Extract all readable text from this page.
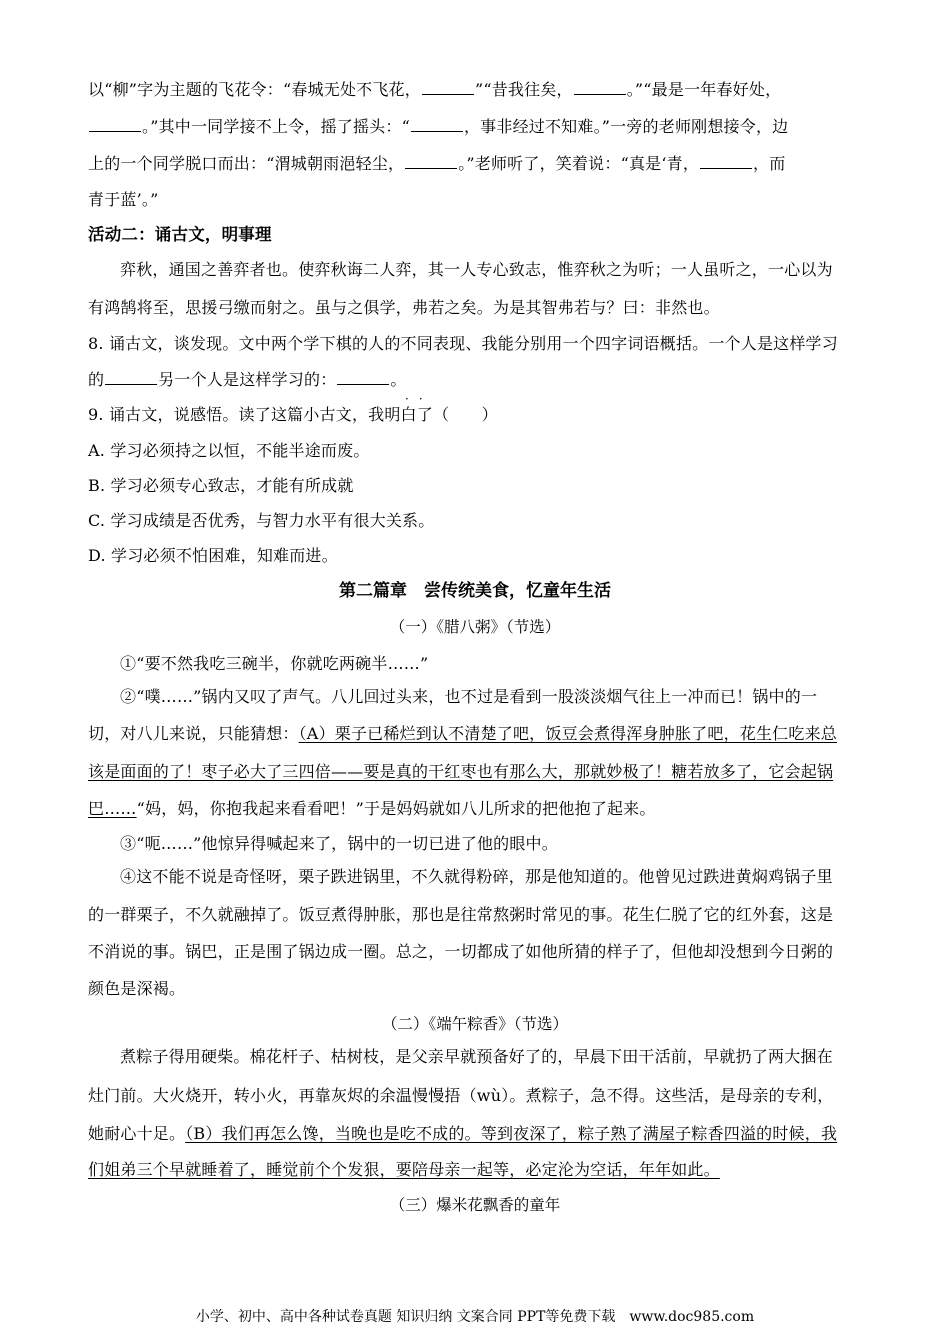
以“柳”字为主题的飞花令：“春城无处不飞花，	”“昔我往矣，	。”“最是一年春好处，
。”其中一同学接不上令，摇了摇头：“	，事非经过不知难。”一旁的老师刚想接令，边
上的一个同学脱口而出：“渭城朝雨浥轻尘，	。”老师听了，笑着说：“真是‘青，	，而
青于蓝’。”
活动二：诵古文，明事理
弈秋，通国之善弈者也。使弈秋诲二人弈，其一人专心致志，惟弈秋之为听；一人虽听之，一心以为
有鸿鹄将至，思援弓缴而射之。虽与之俱学，弗若之矣。为是其智弗若与？曰：非然也。
8. 诵古文，谈发现。文中两个学下棋的人的不同表现、我能分别用一个四字词语概括。一个人是这样学习
的	另一个人是这样学习的：	。
··
9. 诵古文，说感悟。读了这篇小古文，我明白了（　　）
A. 学习必须持之以恒，不能半途而废。
B. 学习必须专心致志，才能有所成就
C. 学习成绩是否优秀，与智力水平有很大关系。
D. 学习必须不怕困难，知难而进。
第二篇章　尝传统美食，忆童年生活
（一）《腊八粥》（节选）
①“要不然我吃三碗半，你就吃两碗半……”
②“噗……”锅内又叹了声气。八儿回过头来，也不过是看到一股淡淡烟气往上一冲而已！锅中的一
切，对八儿来说，只能猜想：（A）栗子已稀烂到认不清楚了吧，饭豆会煮得浑身肿胀了吧，花生仁吃来总
该是面面的了！枣子必大了三四倍——要是真的干红枣也有那么大，那就妙极了！糖若放多了，它会起锅
巴……“妈，妈，你抱我起来看看吧！”于是妈妈就如八儿所求的把他抱了起来。
③“呃……”他惊异得喊起来了，锅中的一切已进了他的眼中。
④这不能不说是奇怪呀，栗子跌进锅里，不久就得粉碎，那是他知道的。他曾见过跌进黄焖鸡锅子里
的一群栗子，不久就融掉了。饭豆煮得肿胀，那也是往常熬粥时常见的事。花生仁脱了它的红外套，这是
不消说的事。锅巴，正是围了锅边成一圈。总之，一切都成了如他所猜的样子了，但他却没想到今日粥的
颜色是深褐。
（二）《端午粽香》（节选）
煮粽子得用硬柴。棉花杆子、枯树枝，是父亲早就预备好了的，早晨下田干活前，早就扔了两大捆在
灶门前。大火烧开，转小火，再靠灰烬的余温慢慢捂（wù）。煮粽子，急不得。这些活，是母亲的专利，
她耐心十足。（B）我们再怎么馋，当晚也是吃不成的。等到夜深了，粽子熟了满屋子粽香四溢的时候，我
们姐弟三个早就睡着了，睡觉前个个发狠，要陪母亲一起等，必定沦为空话，年年如此。
（三）爆米花飘香的童年
小学、初中、高中各种试卷真题 知识归纳 文案合同 PPT等免费下载　www.doc985.com
